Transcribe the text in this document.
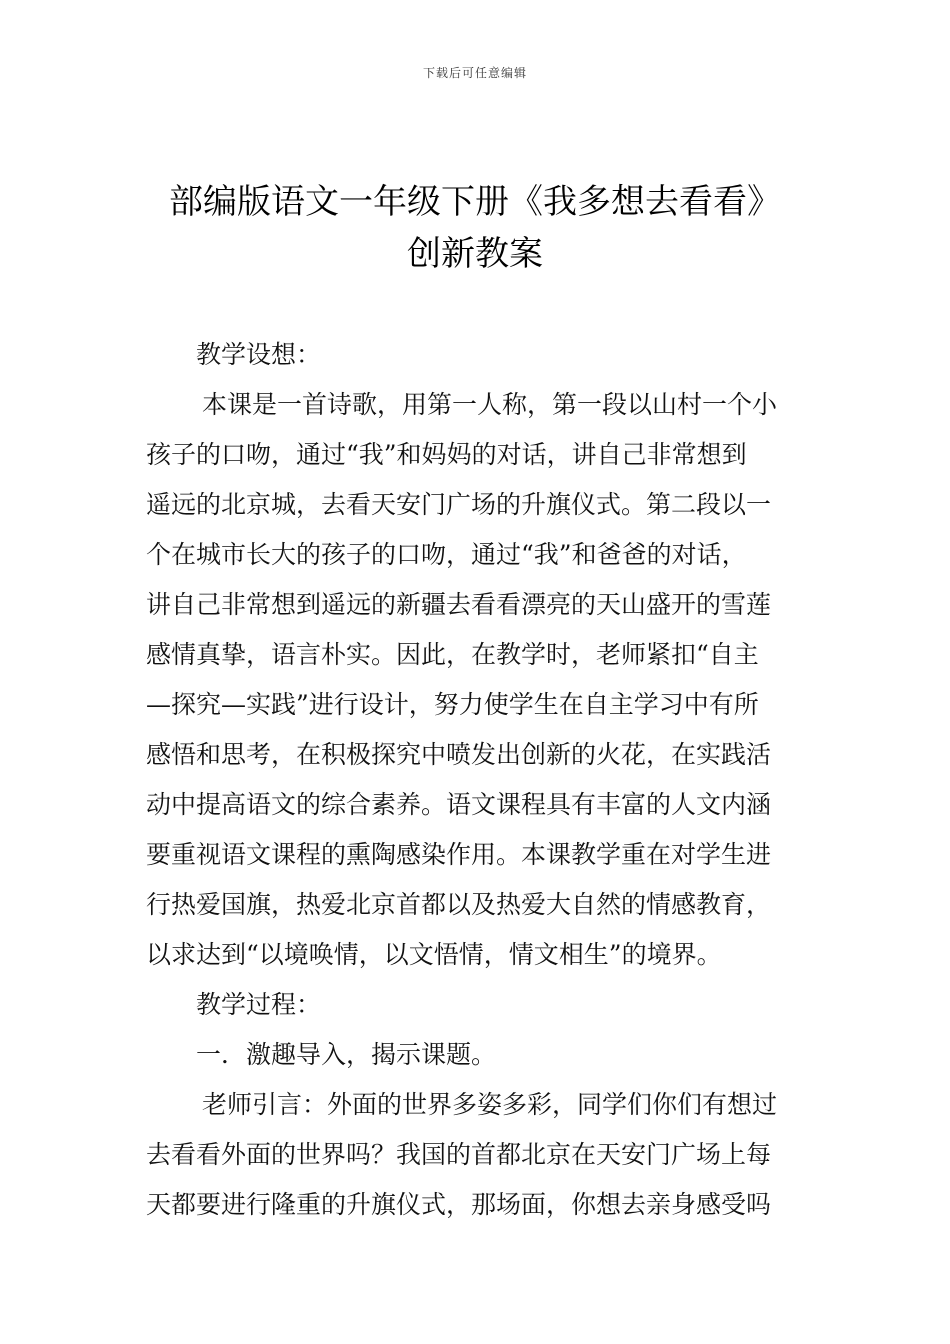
下载后可任意编辑
部编版语文一年级下册《我多想去看看》
创新教案
教学设想：
本课是一首诗歌，用第一人称，第一段以山村一个小
孩子的口吻，通过“我”和妈妈的对话，讲自己非常想到
遥远的北京城，去看天安门广场的升旗仪式。第二段以一
个在城市长大的孩子的口吻，通过“我”和爸爸的对话，
讲自己非常想到遥远的新疆去看看漂亮的天山盛开的雪莲
感情真挚，语言朴实。因此，在教学时，老师紧扣“自主
—探究—实践”进行设计，努力使学生在自主学习中有所
感悟和思考，在积极探究中喷发出创新的火花，在实践活
动中提高语文的综合素养。语文课程具有丰富的人文内涵
要重视语文课程的熏陶感染作用。本课教学重在对学生进
行热爱国旗，热爱北京首都以及热爱大自然的情感教育，
以求达到“以境唤情，以文悟情，情文相生”的境界。
教学过程：
一．激趣导入，揭示课题。
老师引言：外面的世界多姿多彩，同学们你们有想过
去看看外面的世界吗？我国的首都北京在天安门广场上每
天都要进行隆重的升旗仪式，那场面，你想去亲身感受吗
